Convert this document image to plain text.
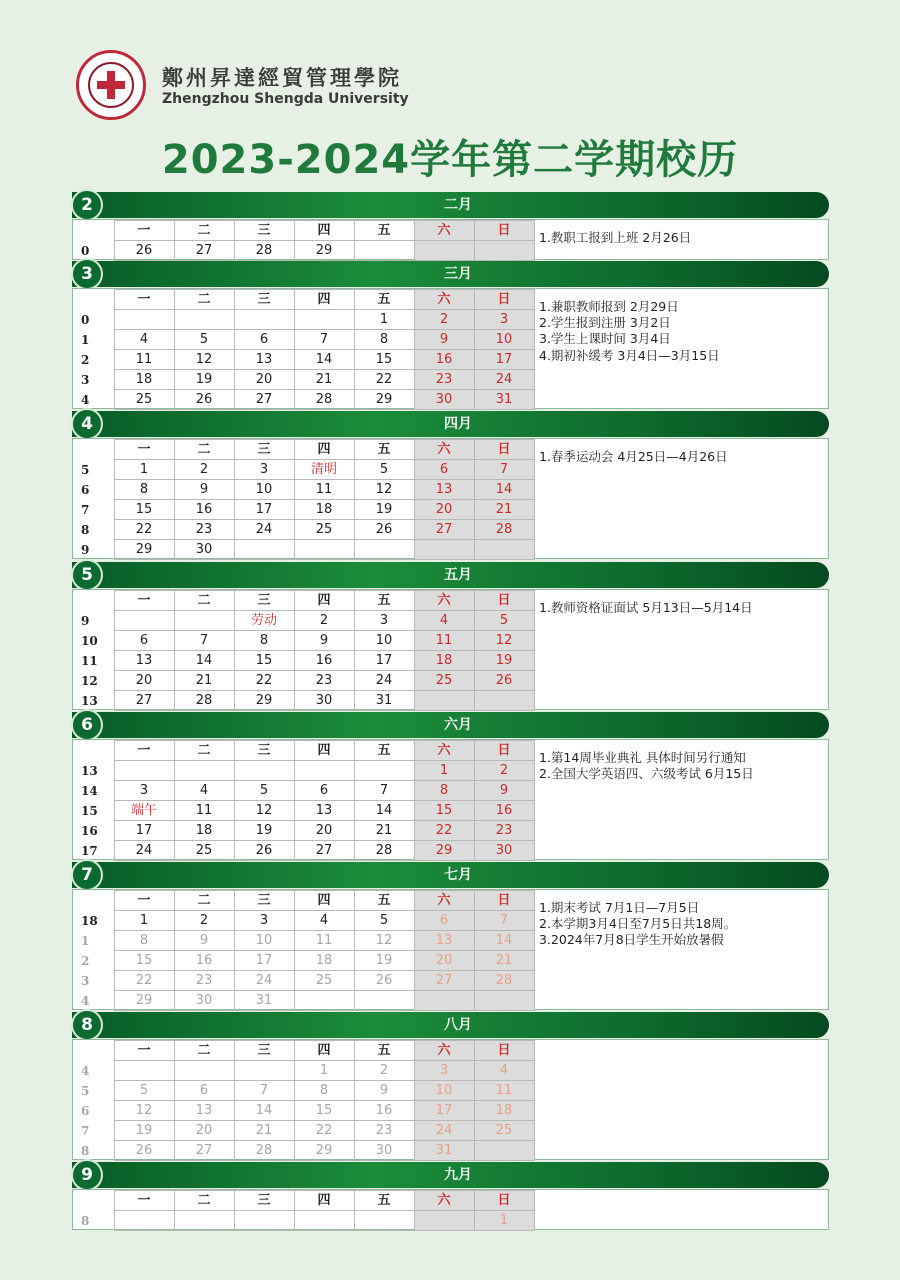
鄭州昇達經貿管理學院
Zhengzhou Shengda University
2023-2024学年第二学期校历
2	二月
	一	二	三	四	五	六	日
0	26	27	28	29			
1.教职工报到上班 2月26日
3	三月
	一	二	三	四	五	六	日
0					1	2	3
1	4	5	6	7	8	9	10
2	11	12	13	14	15	16	17
3	18	19	20	21	22	23	24
4	25	26	27	28	29	30	31
1.兼职教师报到 2月29日
2.学生报到注册 3月2日
3.学生上课时间 3月4日
4.期初补缓考 3月4日—3月15日
4	四月
	一	二	三	四	五	六	日
5	1	2	3	清明	5	6	7
6	8	9	10	11	12	13	14
7	15	16	17	18	19	20	21
8	22	23	24	25	26	27	28
9	29	30					
1.春季运动会 4月25日—4月26日
5	五月
	一	二	三	四	五	六	日
9			劳动	2	3	4	5
10	6	7	8	9	10	11	12
11	13	14	15	16	17	18	19
12	20	21	22	23	24	25	26
13	27	28	29	30	31		
1.教师资格证面试 5月13日—5月14日
6	六月
	一	二	三	四	五	六	日
13						1	2
14	3	4	5	6	7	8	9
15	端午	11	12	13	14	15	16
16	17	18	19	20	21	22	23
17	24	25	26	27	28	29	30
1.第14周毕业典礼 具体时间另行通知
2.全国大学英语四、六级考试 6月15日
7	七月
	一	二	三	四	五	六	日
18	1	2	3	4	5	6	7
1	8	9	10	11	12	13	14
2	15	16	17	18	19	20	21
3	22	23	24	25	26	27	28
4	29	30	31				
1.期末考试 7月1日—7月5日
2.本学期3月4日至7月5日共18周。
3.2024年7月8日学生开始放暑假
8	八月
	一	二	三	四	五	六	日
4				1	2	3	4
5	5	6	7	8	9	10	11
6	12	13	14	15	16	17	18
7	19	20	21	22	23	24	25
8	26	27	28	29	30	31	
9	九月
	一	二	三	四	五	六	日
8							1
